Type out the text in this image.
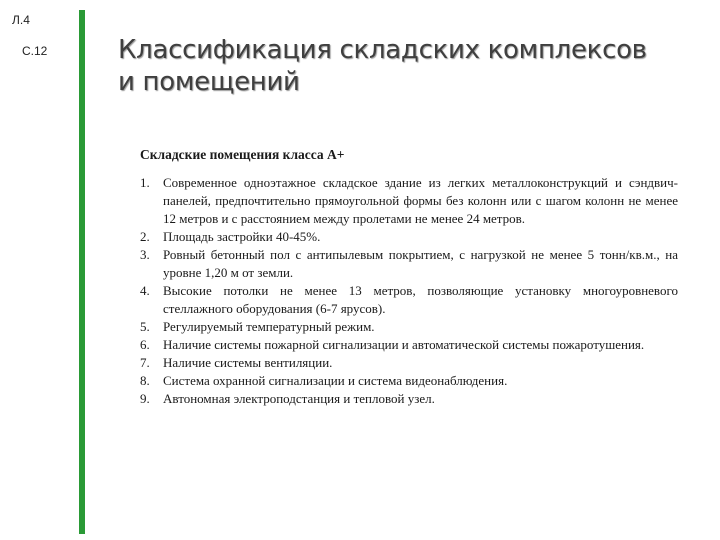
Л.4
С.12	Классификация складских комплексов
и помещений

Складские помещения класса А+

1. Современное одноэтажное складское здание из легких металлоконструкций и сэндвич-панелей, предпочтительно прямоугольной формы без колонн или с шагом колонн не менее 12 метров и с расстоянием между пролетами не менее 24 метров.
2. Площадь застройки 40-45%.
3. Ровный бетонный пол с антипылевым покрытием, с нагрузкой не менее 5 тонн/кв.м., на уровне 1,20 м от земли.
4. Высокие потолки не менее 13 метров, позволяющие установку многоуровневого стеллажного оборудования (6-7 ярусов).
5. Регулируемый температурный режим.
6. Наличие системы пожарной сигнализации и автоматической системы пожаротушения.
7. Наличие системы вентиляции.
8. Система охранной сигнализации и система видеонаблюдения.
9. Автономная электроподстанция и тепловой узел.
